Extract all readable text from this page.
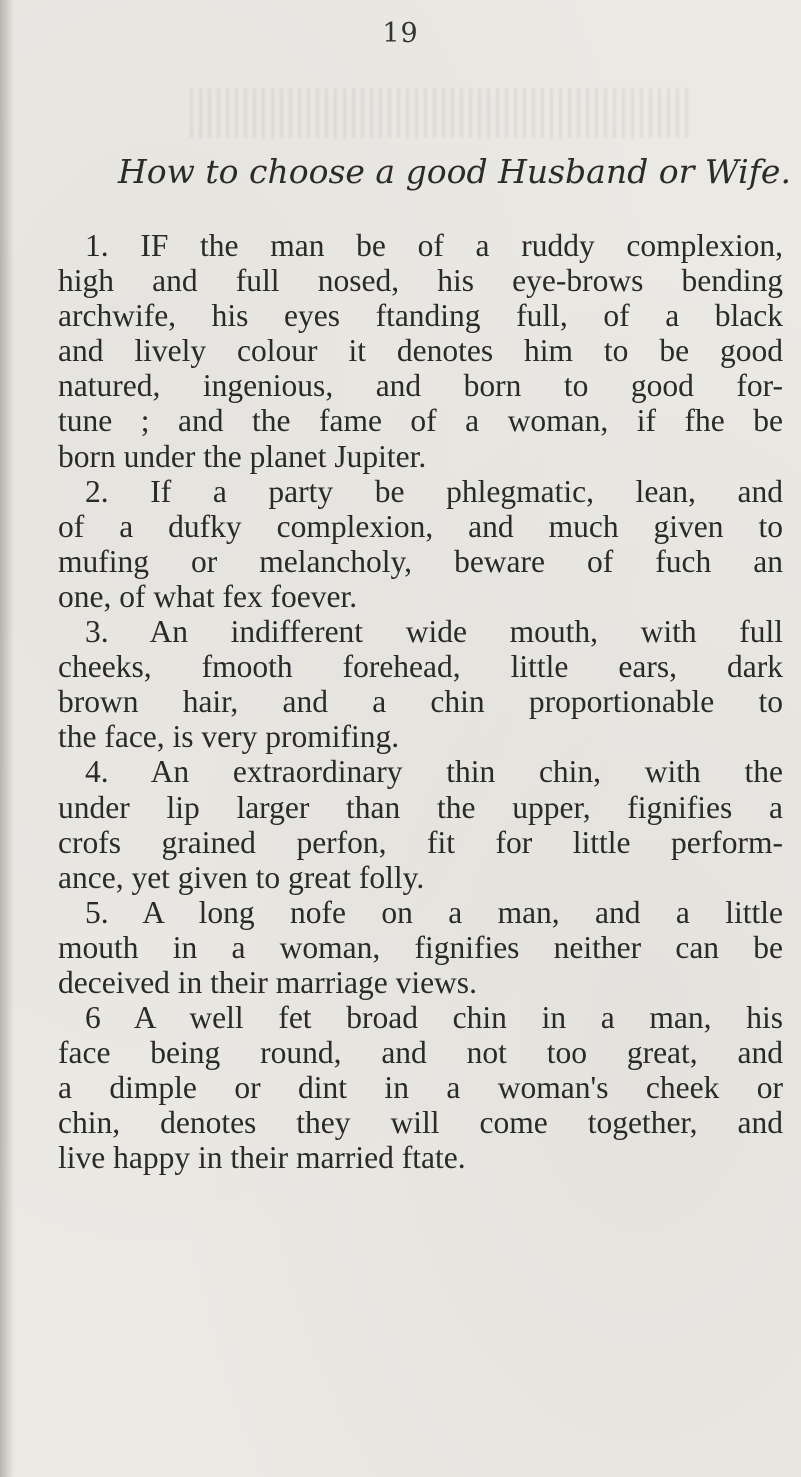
19
How to choose a good Husband or Wife.
1. IF the man be of a ruddy complexion,
high and full nosed, his eye-brows bending
archwife, his eyes ftanding full, of a black
and lively colour it denotes him to be good
natured, ingenious, and born to good for-
tune ; and the fame of a woman, if fhe be
born under the planet Jupiter.
2. If a party be phlegmatic, lean, and
of a dufky complexion, and much given to
mufing or melancholy, beware of fuch an
one, of what fex foever.
3. An indifferent wide mouth, with full
cheeks, fmooth forehead, little ears, dark
brown hair, and a chin proportionable to
the face, is very promifing.
4. An extraordinary thin chin, with the
under lip larger than the upper, fignifies a
crofs grained perfon, fit for little perform-
ance, yet given to great folly.
5. A long nofe on a man, and a little
mouth in a woman, fignifies neither can be
deceived in their marriage views.
6 A well fet broad chin in a man, his
face being round, and not too great, and
a dimple or dint in a woman's cheek or
chin, denotes they will come together, and
live happy in their married ftate.
